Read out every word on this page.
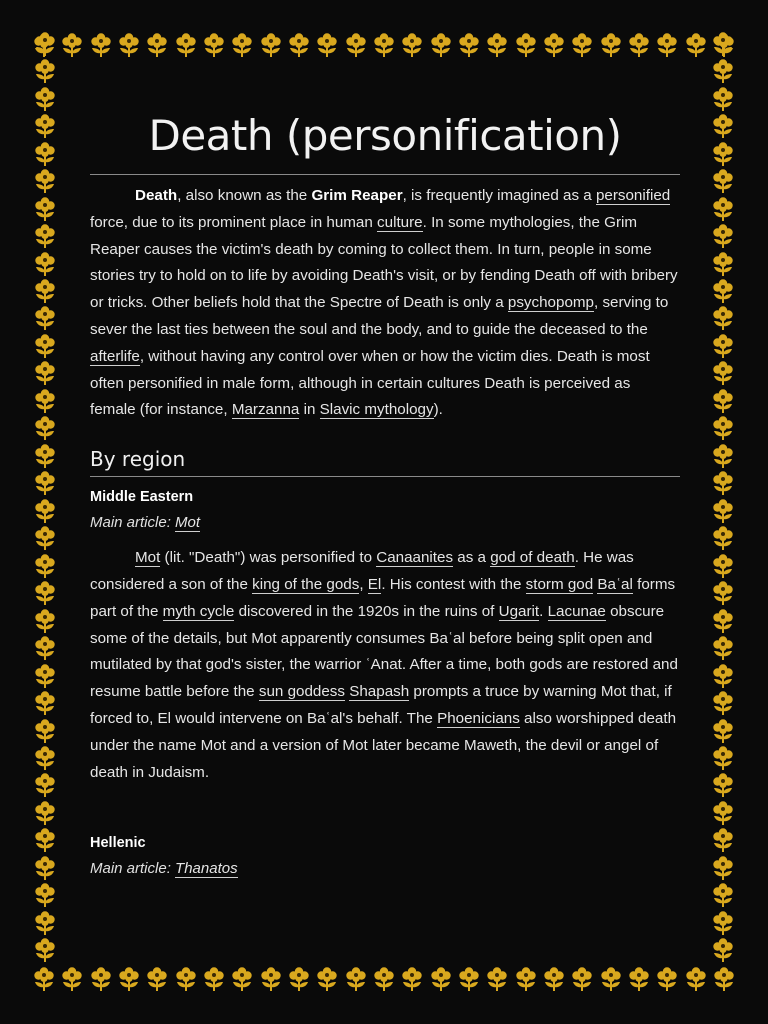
Death (personification)

Death, also known as the Grim Reaper, is frequently imagined as a personified force, due to its prominent place in human culture. In some mythologies, the Grim Reaper causes the victim's death by coming to collect them. In turn, people in some stories try to hold on to life by avoiding Death's visit, or by fending Death off with bribery or tricks. Other beliefs hold that the Spectre of Death is only a psychopomp, serving to sever the last ties between the soul and the body, and to guide the deceased to the afterlife, without having any control over when or how the victim dies. Death is most often personified in male form, although in certain cultures Death is perceived as female (for instance, Marzanna in Slavic mythology).

By region
Middle Eastern
Main article: Mot

Mot (lit. "Death") was personified to Canaanites as a god of death. He was considered a son of the king of the gods, El. His contest with the storm god Baʿal forms part of the myth cycle discovered in the 1920s in the ruins of Ugarit. Lacunae obscure some of the details, but Mot apparently consumes Baʿal before being split open and mutilated by that god's sister, the warrior ʿAnat. After a time, both gods are restored and resume battle before the sun goddess Shapash prompts a truce by warning Mot that, if forced to, El would intervene on Baʿal's behalf. The Phoenicians also worshipped death under the name Mot and a version of Mot later became Maweth, the devil or angel of death in Judaism.

Hellenic
Main article: Thanatos
